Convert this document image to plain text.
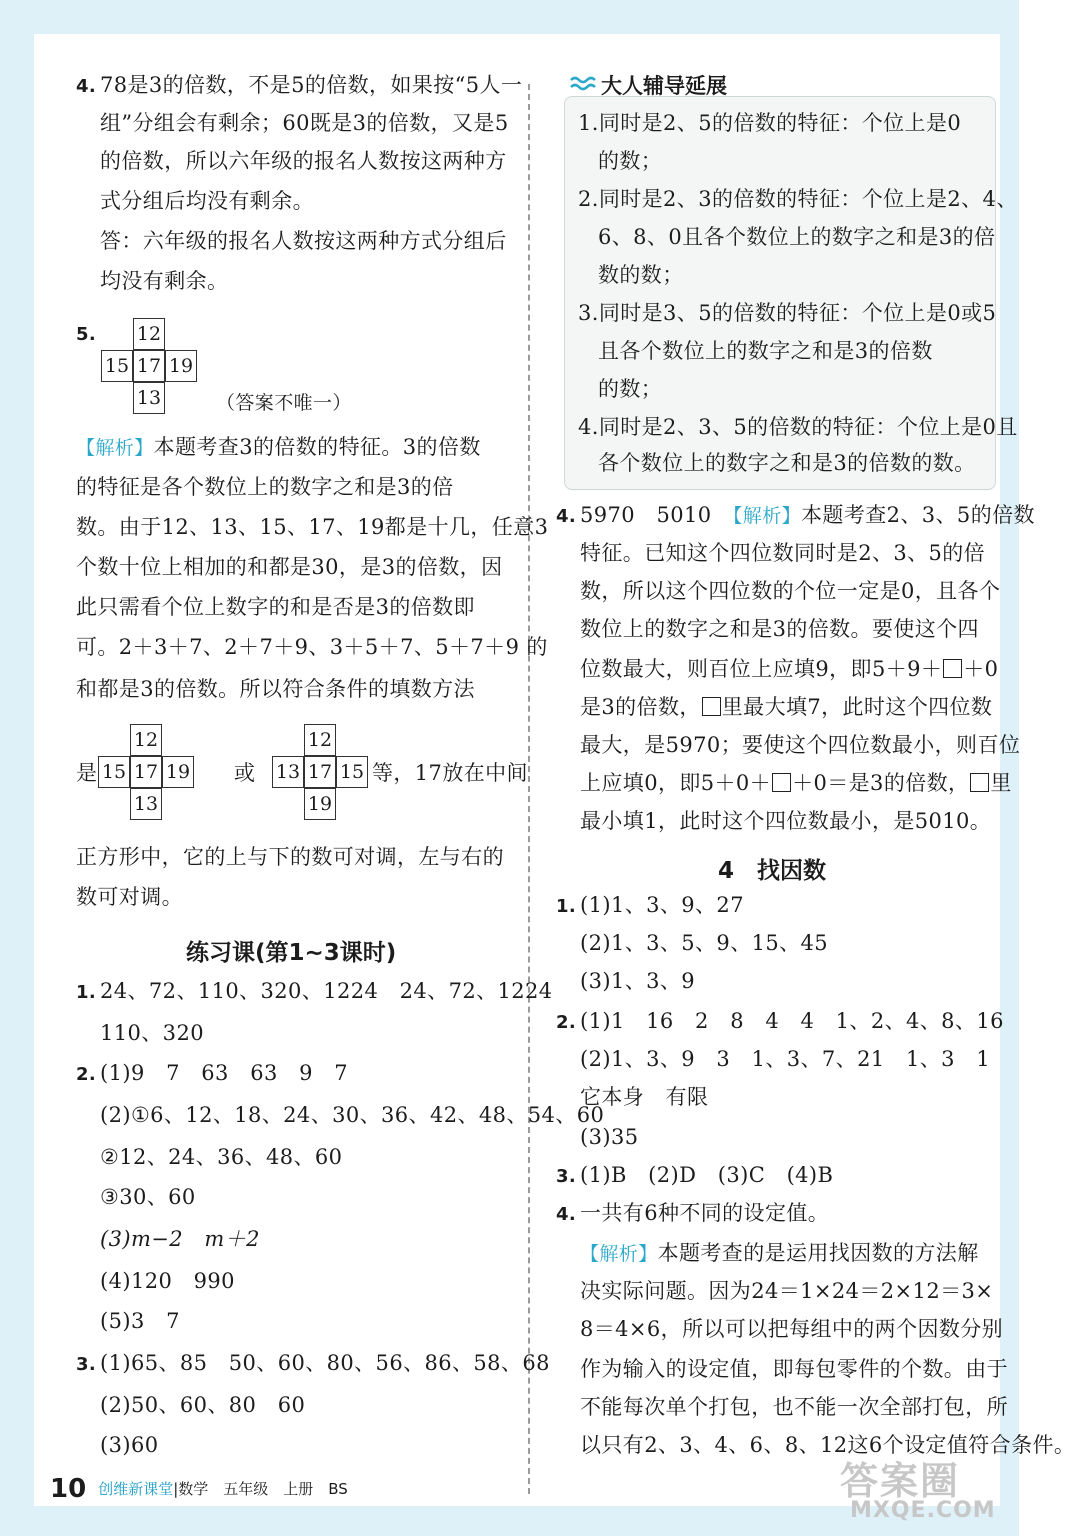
4. 78是3的倍数，不是5的倍数，如果按“5人一
组”分组会有剩余；60既是3的倍数，又是5
的倍数，所以六年级的报名人数按这两种方
式分组后均没有剩余。
答：六年级的报名人数按这两种方式分组后
均没有剩余。
5. 12
15 17 19
13	（答案不唯一）
【解析】本题考查3的倍数的特征。3的倍数
的特征是各个数位上的数字之和是3的倍
数。由于12、13、15、17、19都是十几，任意3
个数十位上相加的和都是30，是3的倍数，因
此只需看个位上数字的和是否是3的倍数即
可。2＋3＋7、2＋7＋9、3＋5＋7、5＋7＋9 的
和都是3的倍数。所以符合条件的填数方法
是
12
15 17 19
13
或
12
13 17 15
19
等，17放在中间
正方形中，它的上与下的数可对调，左与右的
数可对调。
练习课(第1~3课时)
1. 24、72、110、320、1224　24、72、1224
110、320
2. (1)9　7　63　63　9　7
(2)①6、12、18、24、30、36、42、48、54、60
②12、24、36、48、60
③30、60
(3)m−2　m＋2
(4)120　990
(5)3　7
3. (1)65、85　50、60、80、56、86、58、68
(2)50、60、80　60
(3)60
4. 5970　5010　 【解析】本题考查2、3、5的倍数
特征。已知这个四位数同时是2、3、5的倍
数，所以这个四位数的个位一定是0，且各个
数位上的数字之和是3的倍数。要使这个四
位数最大，则百位上应填9，即5＋9＋ ＋0
是3的倍数， 里最大填7，此时这个四位数
最大，是5970；要使这个四位数最小，则百位
上应填0，即5＋0＋ ＋0＝是3的倍数， 里
最小填1，此时这个四位数最小，是5010。
4　找因数
1. (1)1、3、9、27
(2)1、3、5、9、15、45
(3)1、3、9
2. (1)1　16　2　8　4　4　1、2、4、8、16
(2)1、3、9　3　1、3、7、21　1、3　1
它本身　有限
(3)35
3. (1)B　(2)D　(3)C　(4)B
4. 一共有6种不同的设定值。
【解析】本题考查的是运用找因数的方法解
决实际问题。因为24＝1×24＝2×12＝3×
8＝4×6，所以可以把每组中的两个因数分别
作为输入的设定值，即每包零件的个数。由于
不能每次单个打包，也不能一次全部打包，所
以只有2、3、4、6、8、12这6个设定值符合条件。
大人辅导延展
1.同时是2、5的倍数的特征：个位上是0
的数；
2.同时是2、3的倍数的特征：个位上是2、4、
6、8、0且各个数位上的数字之和是3的倍
数的数；
3.同时是3、5的倍数的特征：个位上是0或5
且各个数位上的数字之和是3的倍数
的数；
4.同时是2、3、5的倍数的特征：个位上是0且
各个数位上的数字之和是3的倍数的数。
10 创维新课堂|数学　五年级　上册　BS	答案圈
MXQE.COM
